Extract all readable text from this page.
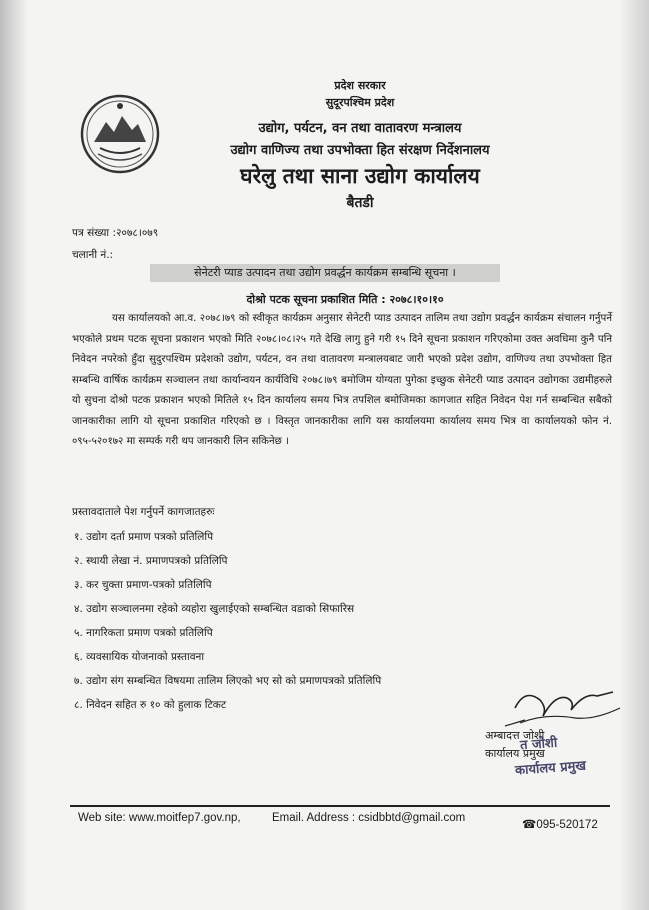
प्रदेश सरकार
सुदूरपश्चिम प्रदेश
उद्योग, पर्यटन, वन तथा वातावरण मन्त्रालय
उद्योग वाणिज्य तथा उपभोक्ता हित संरक्षण निर्देशनालय
घरेलु तथा साना उद्योग कार्यालय
बैतडी
पत्र संख्या :२०७८।०७९
चलानी नं.:
सेनेटरी प्याड उत्पादन तथा उद्योग प्रवर्द्धन कार्यक्रम सम्बन्धि सूचना ।
दोश्रो पटक सूचना प्रकाशित मिति : २०७८।१०।१०
यस कार्यालयको आ.व. २०७८।७९ को स्वीकृत कार्यक्रम अनुसार सेनेटरी प्याड उत्पादन तालिम तथा उद्योग प्रवर्द्धन कार्यक्रम संचालन गर्नुपर्ने भएकोले प्रथम पटक सूचना प्रकाशन भएको मिति २०७८।०८।२५ गते देखि लागु हुने गरी १५ दिने सूचना प्रकाशन गरिएकोमा उक्त अवधिमा कुनै पनि निवेदन नपरेको हुँदा सुदुरपश्चिम प्रदेशको उद्योग, पर्यटन, वन तथा वातावरण मन्त्रालयबाट जारी भएको प्रदेश उद्योग, वाणिज्य तथा उपभोक्ता हित सम्बन्धि वार्षिक कार्यक्रम सञ्चालन तथा कार्यान्वयन कार्यविधि २०७८।७९ बमोजिम योग्यता पुगेका इच्छुक सेनेटरी प्याड उत्पादन उद्योगका उद्यमीहरुले यो सुचना दोश्रो पटक प्रकाशन भएको मितिले १५ दिन कार्यालय समय भित्र तपशिल बमोजिमका कागजात सहित निवेदन पेश गर्न सम्बन्धित सबैको जानकारीका लागि यो सूचना प्रकाशित गरिएको छ । विस्तृत जानकारीका लागि यस कार्यालयमा कार्यालय समय भित्र वा कार्यालयको फोन नं. ०९५-५२०१७२ मा सम्पर्क गरी थप जानकारी लिन सकिनेछ ।
प्रस्तावदाताले पेश गर्नुपर्ने कागजातहरुः
१. उद्योग दर्ता प्रमाण पत्रको प्रतिलिपि
२. स्थायी लेखा नं. प्रमाणपत्रको प्रतिलिपि
३. कर चुक्ता प्रमाण-पत्रको प्रतिलिपि
४. उद्योग सञ्चालनमा रहेको व्यहोरा खुलाईएको सम्बन्धित वडाको सिफारिस
५. नागरिकता प्रमाण पत्रको प्रतिलिपि
६. व्यवसायिक योजनाको प्रस्तावना
७. उद्योग संग सम्बन्धित विषयमा तालिम लिएको भए सो को प्रमाणपत्रको प्रतिलिपि
८. निवेदन सहित रु १० को हुलाक टिकट
अम्बादत्त जोशी
कार्यालय प्रमुख
त जोशी
कार्यालय प्रमुख
Web site: www.moitfep7.gov.np,	Email. Address : csidbbtd@gmail.com
☎095-520172
